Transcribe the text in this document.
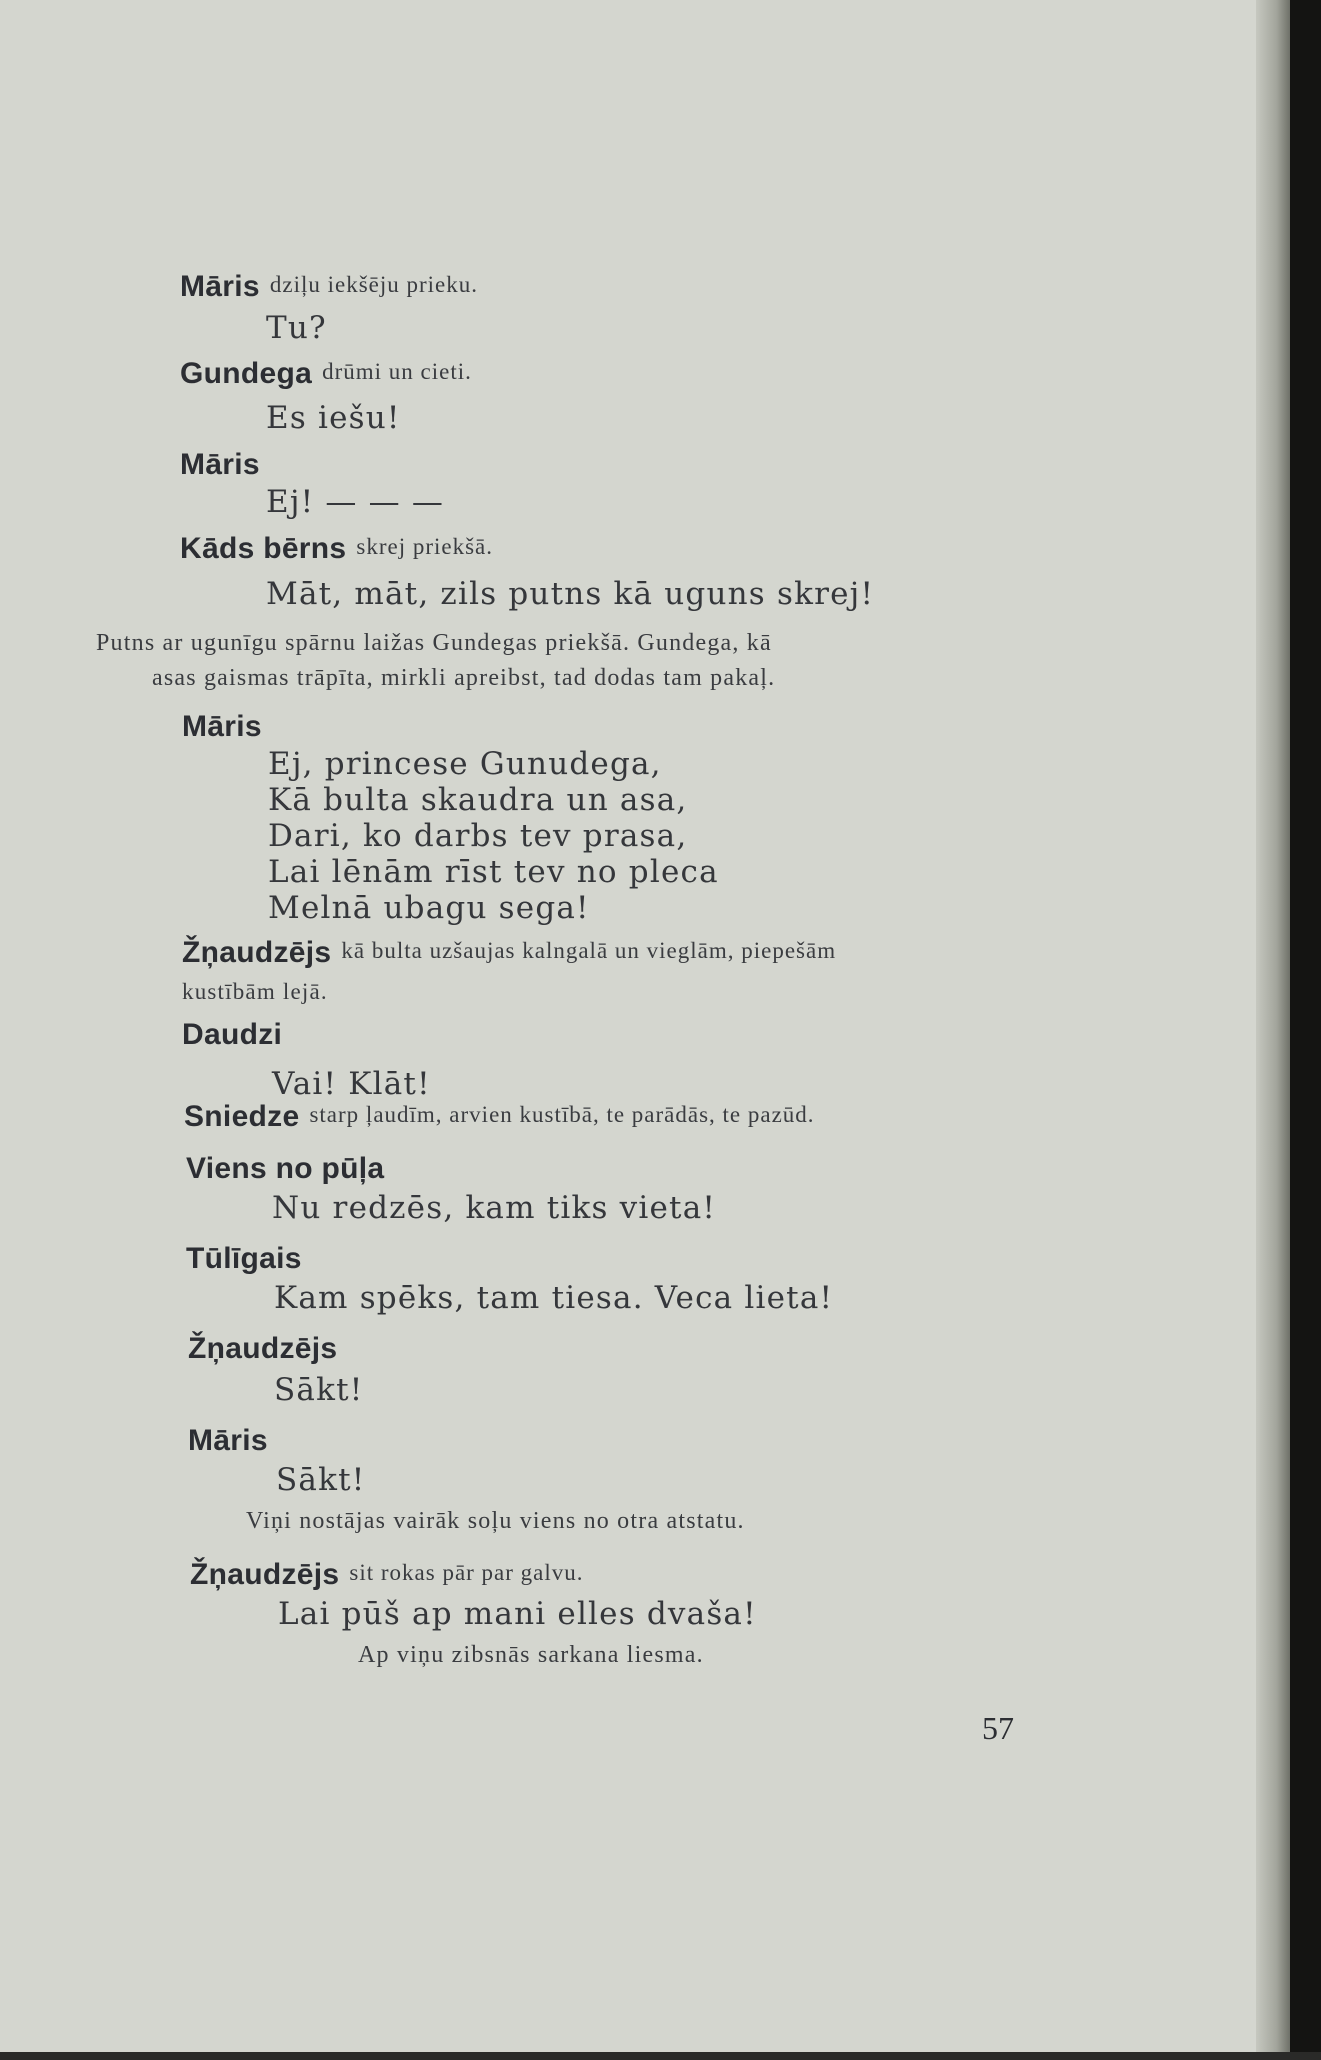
Māris dziļu iekšēju prieku.
Tu?
Gundega drūmi un cieti.
Es iešu!
Māris
Ej! — — —
Kāds bērns skrej priekšā.
Māt, māt, zils putns kā uguns skrej!
Putns ar ugunīgu spārnu laižas Gundegas priekšā. Gundega, kā
asas gaismas trāpīta, mirkli apreibst, tad dodas tam pakaļ.
Māris
Ej, princese Gunudega,
Kā bulta skaudra un asa,
Dari, ko darbs tev prasa,
Lai lēnām rīst tev no pleca
Melnā ubagu sega!
Žņaudzējs kā bulta uzšaujas kalngalā un vieglām, piepešām
kustībām lejā.
Daudzi
Vai! Klāt!
Sniedze starp ļaudīm, arvien kustībā, te parādās, te pazūd.
Viens no pūļa
Nu redzēs, kam tiks vieta!
Tūlīgais
Kam spēks, tam tiesa. Veca lieta!
Žņaudzējs
Sākt!
Māris
Sākt!
Viņi nostājas vairāk soļu viens no otra atstatu.
Žņaudzējs sit rokas pār par galvu.
Lai pūš ap mani elles dvaša!
Ap viņu zibsnās sarkana liesma.
57
